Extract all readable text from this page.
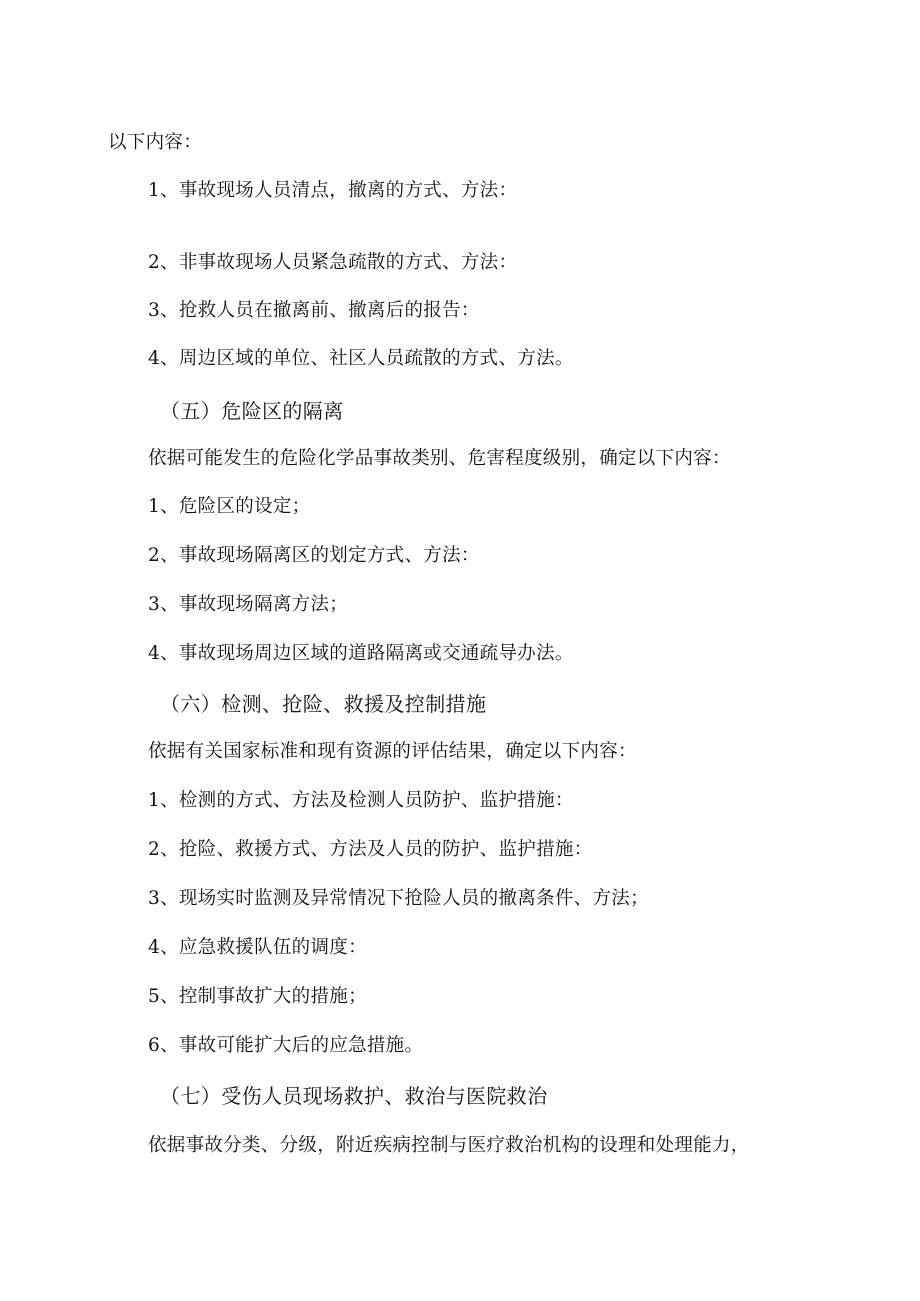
以下内容：
1、事故现场人员清点，撤离的方式、方法：
2、非事故现场人员紧急疏散的方式、方法：
3、抢救人员在撤离前、撤离后的报告：
4、周边区域的单位、社区人员疏散的方式、方法。
（五）危险区的隔离
依据可能发生的危险化学品事故类别、危害程度级别，确定以下内容：
1、危险区的设定；
2、事故现场隔离区的划定方式、方法：
3、事故现场隔离方法；
4、事故现场周边区域的道路隔离或交通疏导办法。
（六）检测、抢险、救援及控制措施
依据有关国家标准和现有资源的评估结果，确定以下内容：
1、检测的方式、方法及检测人员防护、监护措施：
2、抢险、救援方式、方法及人员的防护、监护措施：
3、现场实时监测及异常情况下抢险人员的撤离条件、方法；
4、应急救援队伍的调度：
5、控制事故扩大的措施；
6、事故可能扩大后的应急措施。
（七）受伤人员现场救护、救治与医院救治
依据事故分类、分级，附近疾病控制与医疗救治机构的设理和处理能力，
